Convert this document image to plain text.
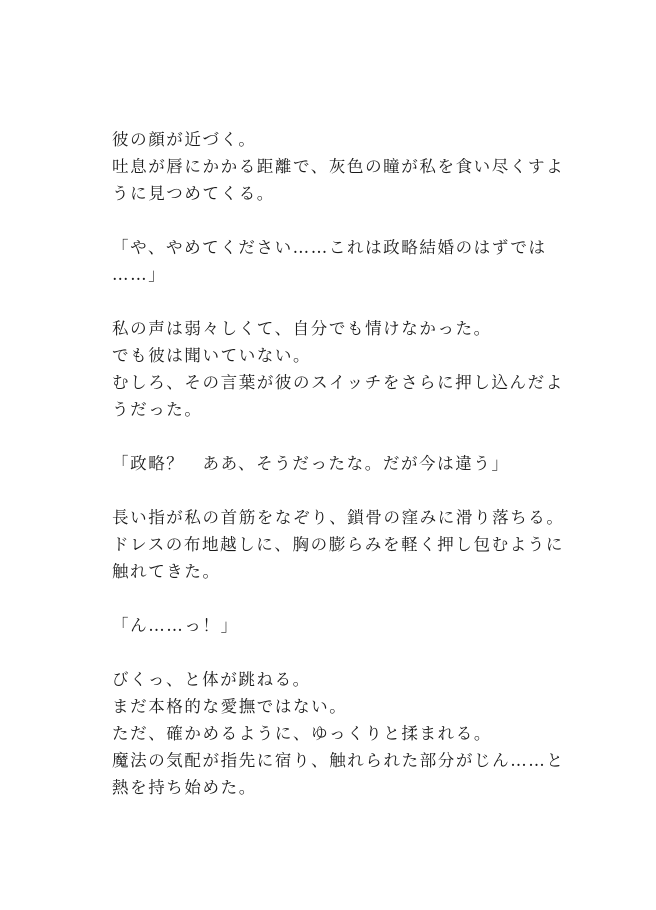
彼の顔が近づく。
吐息が唇にかかる距離で、灰色の瞳が私を食い尽くすよ
うに見つめてくる。
「や、やめてください……これは政略結婚のはずでは
……」
私の声は弱々しくて、自分でも情けなかった。
でも彼は聞いていない。
むしろ、その言葉が彼のスイッチをさらに押し込んだよ
うだった。
「政略？　ああ、そうだったな。だが今は違う」
長い指が私の首筋をなぞり、鎖骨の窪みに滑り落ちる。
ドレスの布地越しに、胸の膨らみを軽く押し包むように
触れてきた。
「ん……っ！」
びくっ、と体が跳ねる。
まだ本格的な愛撫ではない。
ただ、確かめるように、ゆっくりと揉まれる。
魔法の気配が指先に宿り、触れられた部分がじん……と
熱を持ち始めた。
